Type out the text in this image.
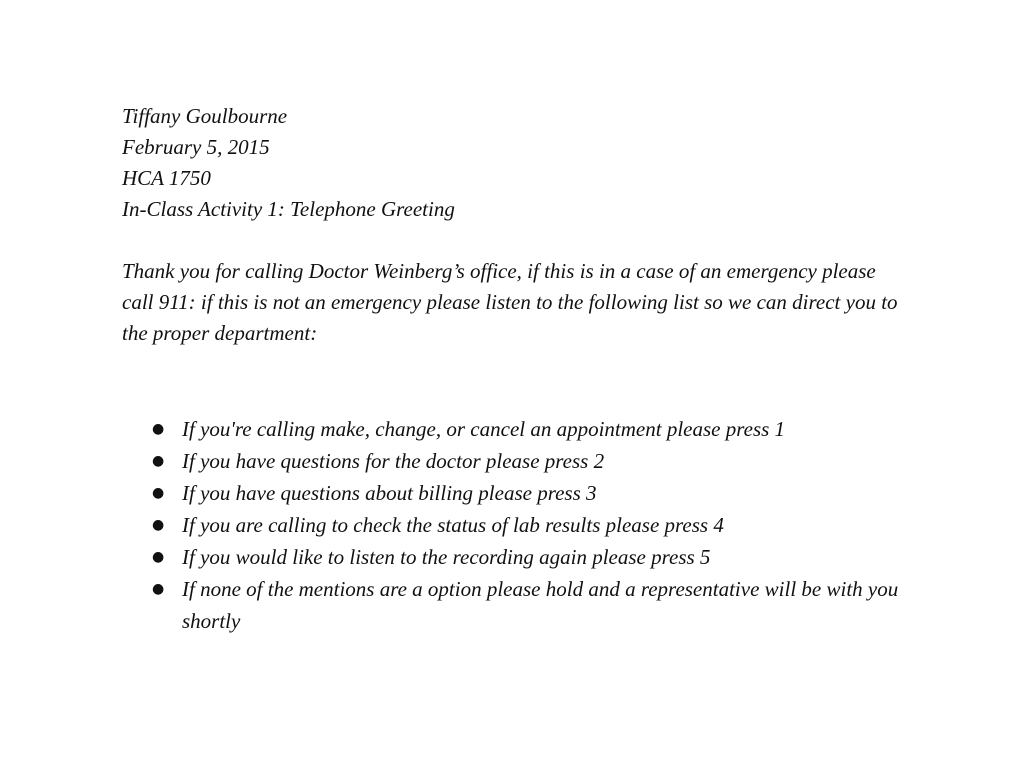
Tiffany Goulbourne
February 5, 2015
HCA 1750
In-Class Activity 1: Telephone Greeting
Thank you for calling Doctor Weinberg’s office, if this is in a case of an emergency please call 911: if this is not an emergency please listen to the following list so we can direct you to the proper department:
● If you're calling make, change, or cancel an appointment please press 1
● If you have questions for the doctor please press 2
● If you have questions about billing please press 3
● If you are calling to check the status of lab results please press 4
● If you would like to listen to the recording again please press 5
● If none of the mentions are a option please hold and a representative will be with you shortly
